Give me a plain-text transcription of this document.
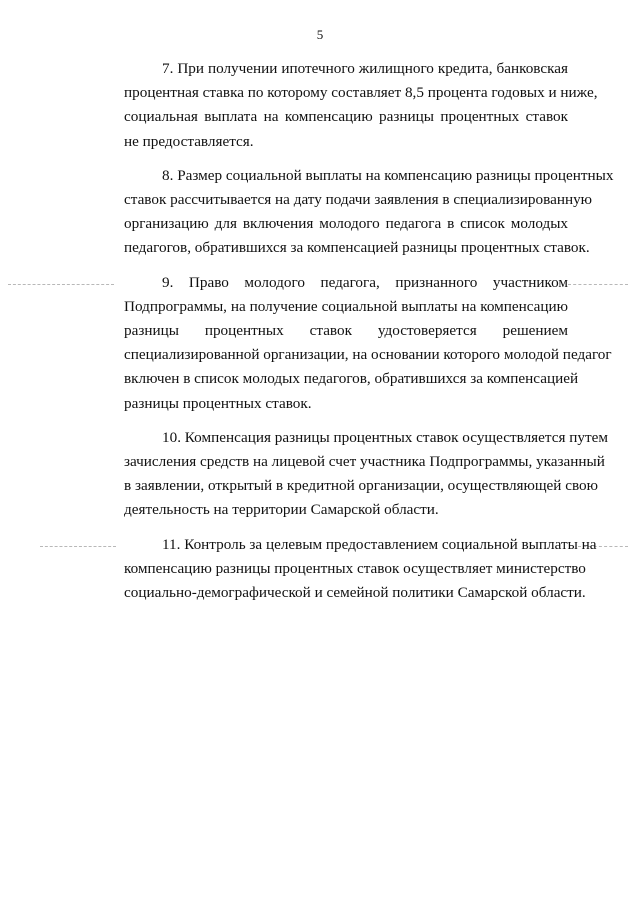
5
7. При получении ипотечного жилищного кредита, банковская
процентная ставка по которому составляет 8,5 процента годовых и ниже,
социальная выплата на компенсацию разницы процентных ставок
не предоставляется.
8. Размер социальной выплаты на компенсацию разницы процентных
ставок рассчитывается на дату подачи заявления в специализированную
организацию для включения молодого педагога в список молодых
педагогов, обратившихся за компенсацией разницы процентных ставок.
9. Право молодого педагога, признанного участником
Подпрограммы, на получение социальной выплаты на компенсацию
разницы процентных ставок удостоверяется решением
специализированной организации, на основании которого молодой педагог
включен в список молодых педагогов, обратившихся за компенсацией
разницы процентных ставок.
10. Компенсация разницы процентных ставок осуществляется путем
зачисления средств на лицевой счет участника Подпрограммы, указанный
в заявлении, открытый в кредитной организации, осуществляющей свою
деятельность на территории Самарской области.
11. Контроль за целевым предоставлением социальной выплаты на
компенсацию разницы процентных ставок осуществляет министерство
социально-демографической и семейной политики Самарской области.
